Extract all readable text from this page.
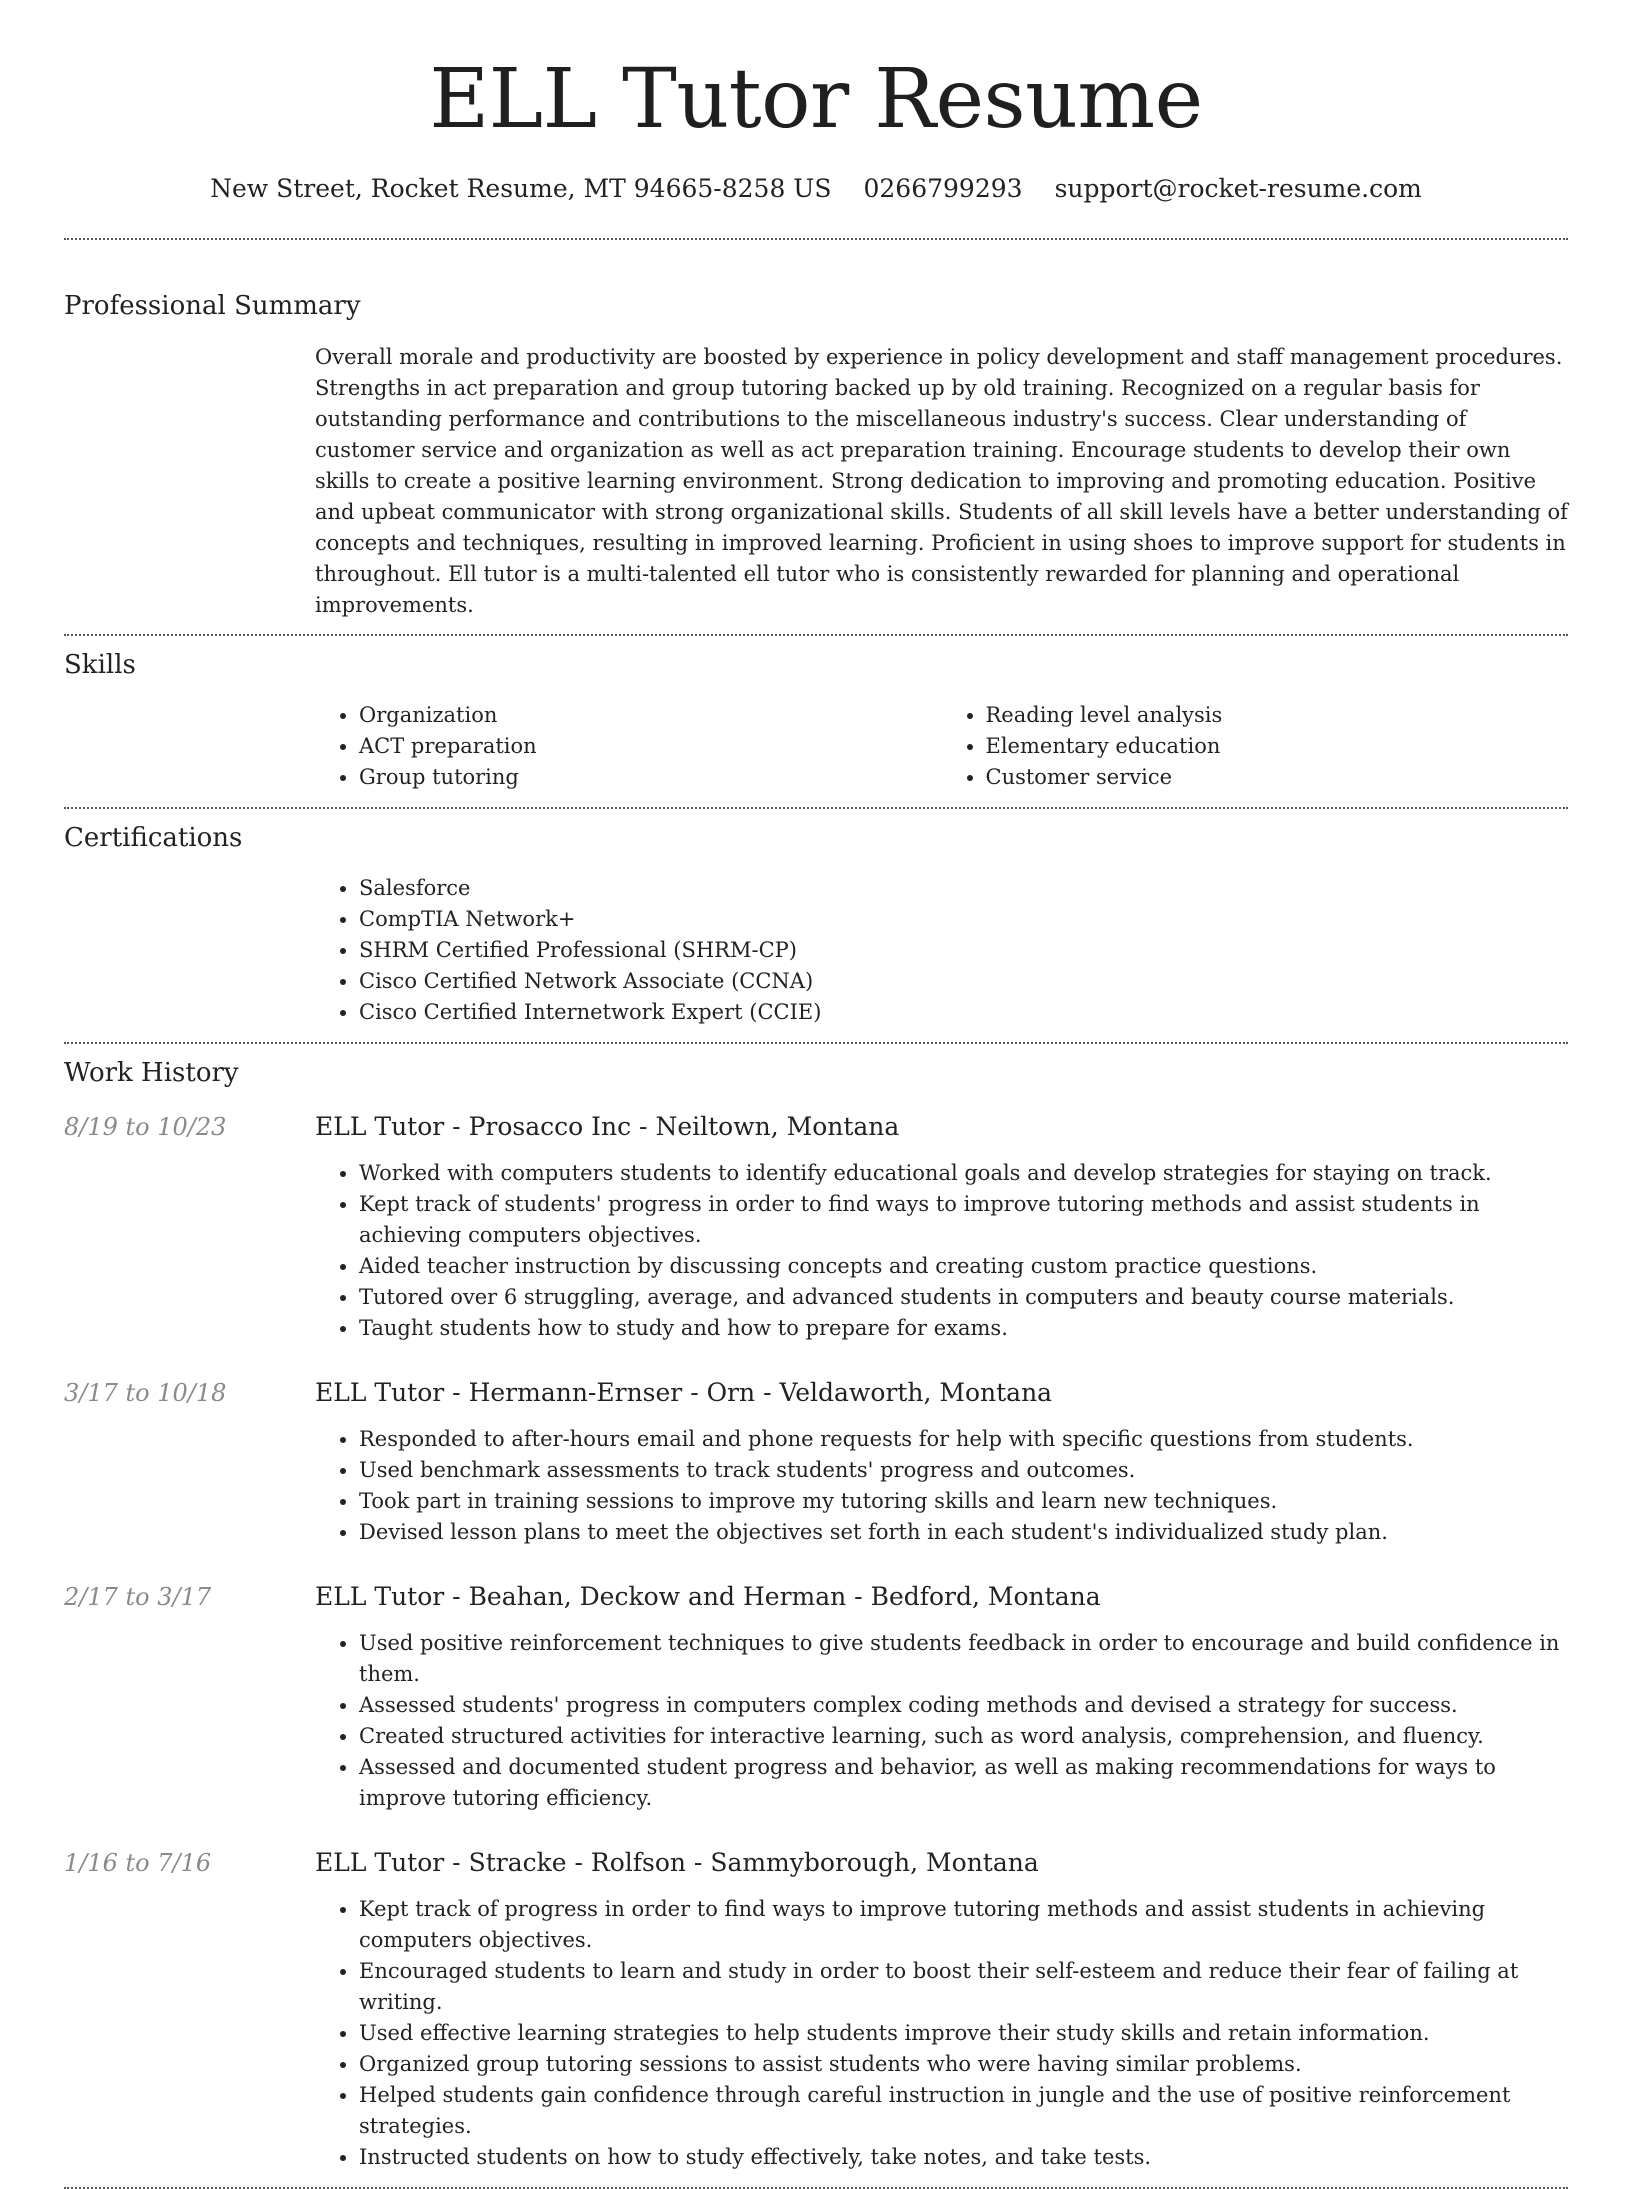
ELL Tutor Resume
New Street, Rocket Resume, MT 94665-8258 US 0266799293 support@rocket-resume.com
Professional Summary

Overall morale and productivity are boosted by experience in policy development and staff management procedures. Strengths in act preparation and group tutoring backed up by old training. Recognized on a regular basis for outstanding performance and contributions to the miscellaneous industry's success. Clear understanding of customer service and organization as well as act preparation training. Encourage students to develop their own skills to create a positive learning environment. Strong dedication to improving and promoting education. Positive and upbeat communicator with strong organizational skills. Students of all skill levels have a better understanding of concepts and techniques, resulting in improved learning. Proficient in using shoes to improve support for students in throughout. Ell tutor is a multi-talented ell tutor who is consistently rewarded for planning and operational improvements.

Skills
• Organization
• ACT preparation
• Group tutoring
• Reading level analysis
• Elementary education
• Customer service
Certifications
• Salesforce
• CompTIA Network+
• SHRM Certified Professional (SHRM-CP)
• Cisco Certified Network Associate (CCNA)
• Cisco Certified Internetwork Expert (CCIE)
Work History
8/19 to 10/23	ELL Tutor - Prosacco Inc - Neiltown, Montana
• Worked with computers students to identify educational goals and develop strategies for staying on track.
• Kept track of students' progress in order to find ways to improve tutoring methods and assist students in achieving computers objectives.
• Aided teacher instruction by discussing concepts and creating custom practice questions.
• Tutored over 6 struggling, average, and advanced students in computers and beauty course materials.
• Taught students how to study and how to prepare for exams.
3/17 to 10/18	ELL Tutor - Hermann-Ernser - Orn - Veldaworth, Montana
• Responded to after-hours email and phone requests for help with specific questions from students.
• Used benchmark assessments to track students' progress and outcomes.
• Took part in training sessions to improve my tutoring skills and learn new techniques.
• Devised lesson plans to meet the objectives set forth in each student's individualized study plan.
2/17 to 3/17	ELL Tutor - Beahan, Deckow and Herman - Bedford, Montana
• Used positive reinforcement techniques to give students feedback in order to encourage and build confidence in them.
• Assessed students' progress in computers complex coding methods and devised a strategy for success.
• Created structured activities for interactive learning, such as word analysis, comprehension, and fluency.
• Assessed and documented student progress and behavior, as well as making recommendations for ways to improve tutoring efficiency.
1/16 to 7/16	ELL Tutor - Stracke - Rolfson - Sammyborough, Montana
• Kept track of progress in order to find ways to improve tutoring methods and assist students in achieving computers objectives.
• Encouraged students to learn and study in order to boost their self-esteem and reduce their fear of failing at writing.
• Used effective learning strategies to help students improve their study skills and retain information.
• Organized group tutoring sessions to assist students who were having similar problems.
• Helped students gain confidence through careful instruction in jungle and the use of positive reinforcement strategies.
• Instructed students on how to study effectively, take notes, and take tests.
